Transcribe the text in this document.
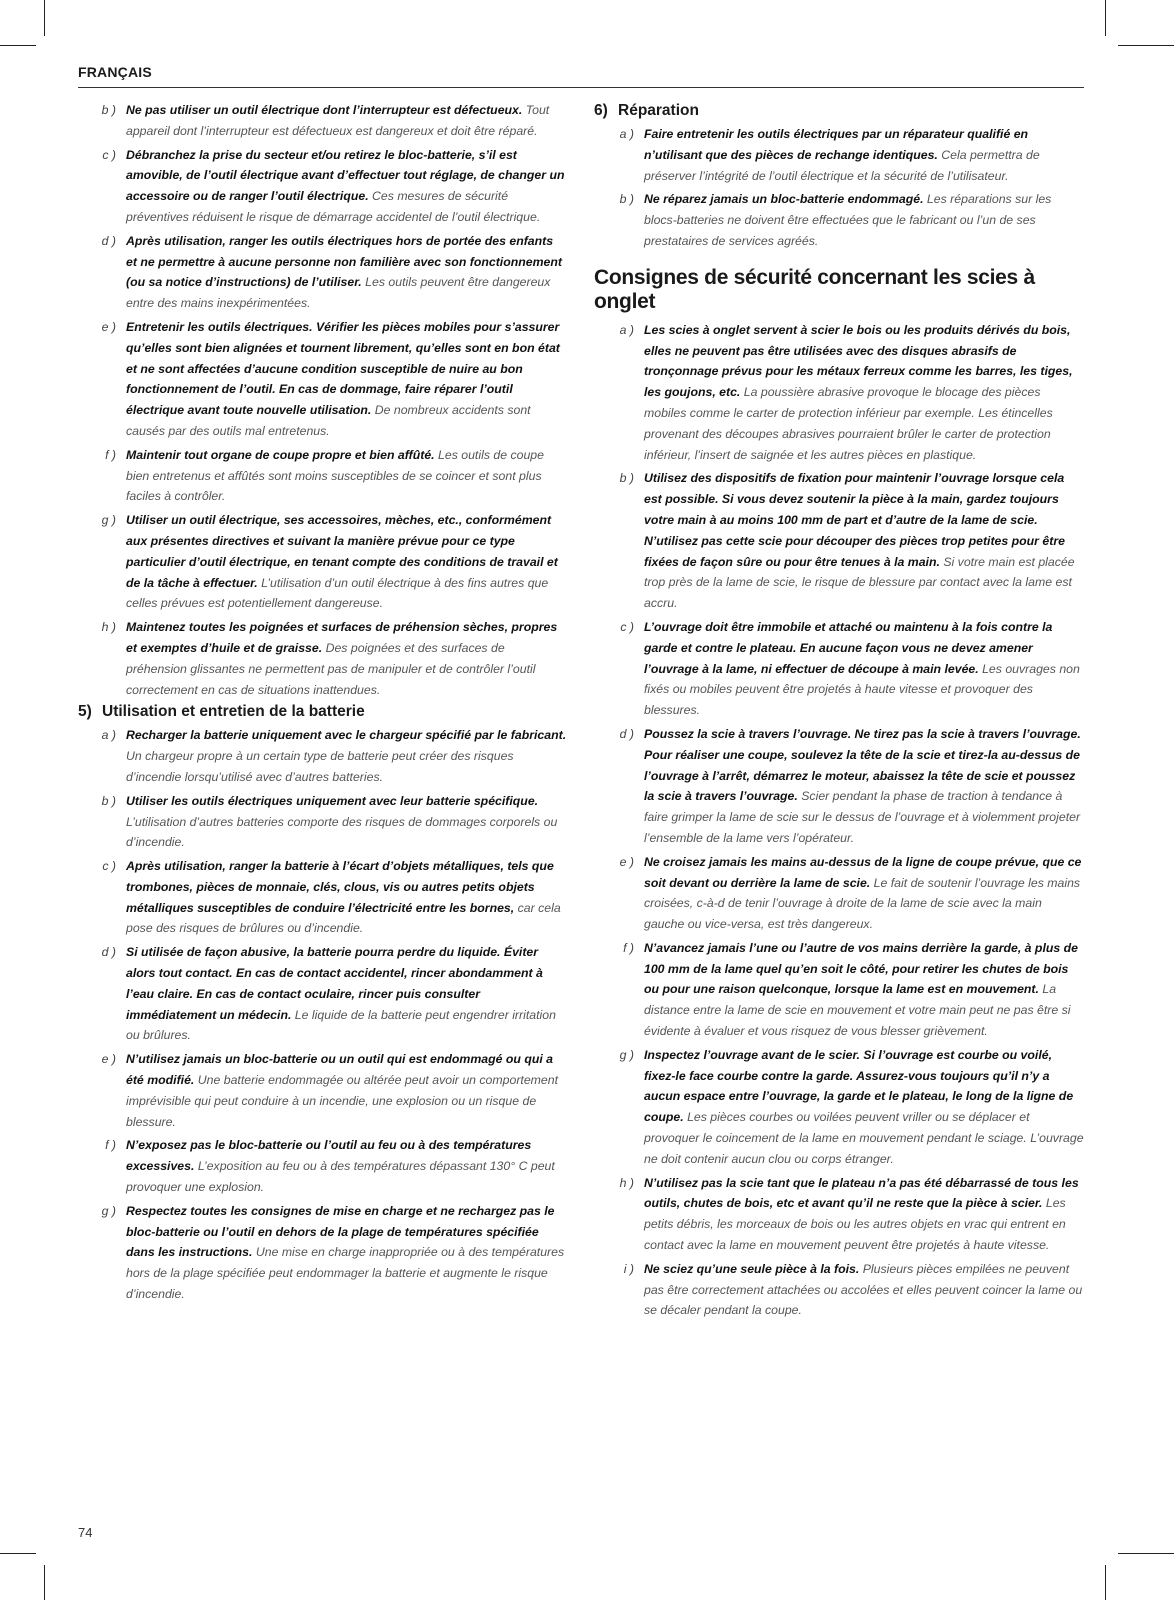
FRANÇAIS
b ) Ne pas utiliser un outil électrique dont l’interrupteur est défectueux. Tout appareil dont l’interrupteur est défectueux est dangereux et doit être réparé.
c ) Débranchez la prise du secteur et/ou retirez le bloc-batterie, s’il est amovible, de l’outil électrique avant d’effectuer tout réglage, de changer un accessoire ou de ranger l’outil électrique. Ces mesures de sécurité préventives réduisent le risque de démarrage accidentel de l’outil électrique.
d ) Après utilisation, ranger les outils électriques hors de portée des enfants et ne permettre à aucune personne non familière avec son fonctionnement (ou sa notice d’instructions) de l’utiliser. Les outils peuvent être dangereux entre des mains inexpérimentées.
e ) Entretenir les outils électriques. Vérifier les pièces mobiles pour s’assurer qu’elles sont bien alignées et tournent librement, qu’elles sont en bon état et ne sont affectées d’aucune condition susceptible de nuire au bon fonctionnement de l’outil. En cas de dommage, faire réparer l’outil électrique avant toute nouvelle utilisation. De nombreux accidents sont causés par des outils mal entretenus.
f ) Maintenir tout organe de coupe propre et bien affûté. Les outils de coupe bien entretenus et affûtés sont moins susceptibles de se coincer et sont plus faciles à contrôler.
g ) Utiliser un outil électrique, ses accessoires, mèches, etc., conformément aux présentes directives et suivant la manière prévue pour ce type particulier d’outil électrique, en tenant compte des conditions de travail et de la tâche à effectuer. L’utilisation d’un outil électrique à des fins autres que celles prévues est potentiellement dangereuse.
h ) Maintenez toutes les poignées et surfaces de préhension sèches, propres et exemptes d’huile et de graisse. Des poignées et des surfaces de préhension glissantes ne permettent pas de manipuler et de contrôler l’outil correctement en cas de situations inattendues.
5) Utilisation et entretien de la batterie
a ) Recharger la batterie uniquement avec le chargeur spécifié par le fabricant. Un chargeur propre à un certain type de batterie peut créer des risques d’incendie lorsqu’utilisé avec d’autres batteries.
b ) Utiliser les outils électriques uniquement avec leur batterie spécifique. L’utilisation d’autres batteries comporte des risques de dommages corporels ou d’incendie.
c ) Après utilisation, ranger la batterie à l’écart d’objets métalliques, tels que trombones, pièces de monnaie, clés, clous, vis ou autres petits objets métalliques susceptibles de conduire l’électricité entre les bornes, car cela pose des risques de brûlures ou d’incendie.
d ) Si utilisée de façon abusive, la batterie pourra perdre du liquide. Éviter alors tout contact. En cas de contact accidentel, rincer abondamment à l’eau claire. En cas de contact oculaire, rincer puis consulter immédiatement un médecin. Le liquide de la batterie peut engendrer irritation ou brûlures.
e ) N’utilisez jamais un bloc-batterie ou un outil qui est endommagé ou qui a été modifié. Une batterie endommagée ou altérée peut avoir un comportement imprévisible qui peut conduire à un incendie, une explosion ou un risque de blessure.
f ) N’exposez pas le bloc-batterie ou l’outil au feu ou à des températures excessives. L’exposition au feu ou à des températures dépassant 130° C peut provoquer une explosion.
g ) Respectez toutes les consignes de mise en charge et ne rechargez pas le bloc-batterie ou l’outil en dehors de la plage de températures spécifiée dans les instructions. Une mise en charge inappropriée ou à des températures hors de la plage spécifiée peut endommager la batterie et augmente le risque d’incendie.
6) Réparation
a ) Faire entretenir les outils électriques par un réparateur qualifié en n’utilisant que des pièces de rechange identiques. Cela permettra de préserver l’intégrité de l’outil électrique et la sécurité de l’utilisateur.
b ) Ne réparez jamais un bloc-batterie endommagé. Les réparations sur les blocs-batteries ne doivent être effectuées que le fabricant ou l’un de ses prestataires de services agréés.
Consignes de sécurité concernant les scies à onglet
a ) Les scies à onglet servent à scier le bois ou les produits dérivés du bois, elles ne peuvent pas être utilisées avec des disques abrasifs de tronçonnage prévus pour les métaux ferreux comme les barres, les tiges, les goujons, etc. La poussière abrasive provoque le blocage des pièces mobiles comme le carter de protection inférieur par exemple. Les étincelles provenant des découpes abrasives pourraient brûler le carter de protection inférieur, l’insert de saignée et les autres pièces en plastique.
b ) Utilisez des dispositifs de fixation pour maintenir l’ouvrage lorsque cela est possible. Si vous devez soutenir la pièce à la main, gardez toujours votre main à au moins 100 mm de part et d’autre de la lame de scie. N’utilisez pas cette scie pour découper des pièces trop petites pour être fixées de façon sûre ou pour être tenues à la main. Si votre main est placée trop près de la lame de scie, le risque de blessure par contact avec la lame est accru.
c ) L’ouvrage doit être immobile et attaché ou maintenu à la fois contre la garde et contre le plateau. En aucune façon vous ne devez amener l’ouvrage à la lame, ni effectuer de découpe à main levée. Les ouvrages non fixés ou mobiles peuvent être projetés à haute vitesse et provoquer des blessures.
d ) Poussez la scie à travers l’ouvrage. Ne tirez pas la scie à travers l’ouvrage. Pour réaliser une coupe, soulevez la tête de la scie et tirez-la au-dessus de l’ouvrage à l’arrêt, démarrez le moteur, abaissez la tête de scie et poussez la scie à travers l’ouvrage. Scier pendant la phase de traction à tendance à faire grimper la lame de scie sur le dessus de l’ouvrage et à violemment projeter l’ensemble de la lame vers l’opérateur.
e ) Ne croisez jamais les mains au-dessus de la ligne de coupe prévue, que ce soit devant ou derrière la lame de scie. Le fait de soutenir l’ouvrage les mains croisées, c-à-d de tenir l’ouvrage à droite de la lame de scie avec la main gauche ou vice-versa, est très dangereux.
f ) N’avancez jamais l’une ou l’autre de vos mains derrière la garde, à plus de 100 mm de la lame quel qu’en soit le côté, pour retirer les chutes de bois ou pour une raison quelconque, lorsque la lame est en mouvement. La distance entre la lame de scie en mouvement et votre main peut ne pas être si évidente à évaluer et vous risquez de vous blesser grièvement.
g ) Inspectez l’ouvrage avant de le scier. Si l’ouvrage est courbe ou voilé, fixez-le face courbe contre la garde. Assurez-vous toujours qu’il n’y a aucun espace entre l’ouvrage, la garde et le plateau, le long de la ligne de coupe. Les pièces courbes ou voilées peuvent vriller ou se déplacer et provoquer le coincement de la lame en mouvement pendant le sciage. L’ouvrage ne doit contenir aucun clou ou corps étranger.
h ) N’utilisez pas la scie tant que le plateau n’a pas été débarrassé de tous les outils, chutes de bois, etc et avant qu’il ne reste que la pièce à scier. Les petits débris, les morceaux de bois ou les autres objets en vrac qui entrent en contact avec la lame en mouvement peuvent être projetés à haute vitesse.
i ) Ne sciez qu’une seule pièce à la fois. Plusieurs pièces empilées ne peuvent pas être correctement attachées ou accolées et elles peuvent coincer la lame ou se décaler pendant la coupe.
74
